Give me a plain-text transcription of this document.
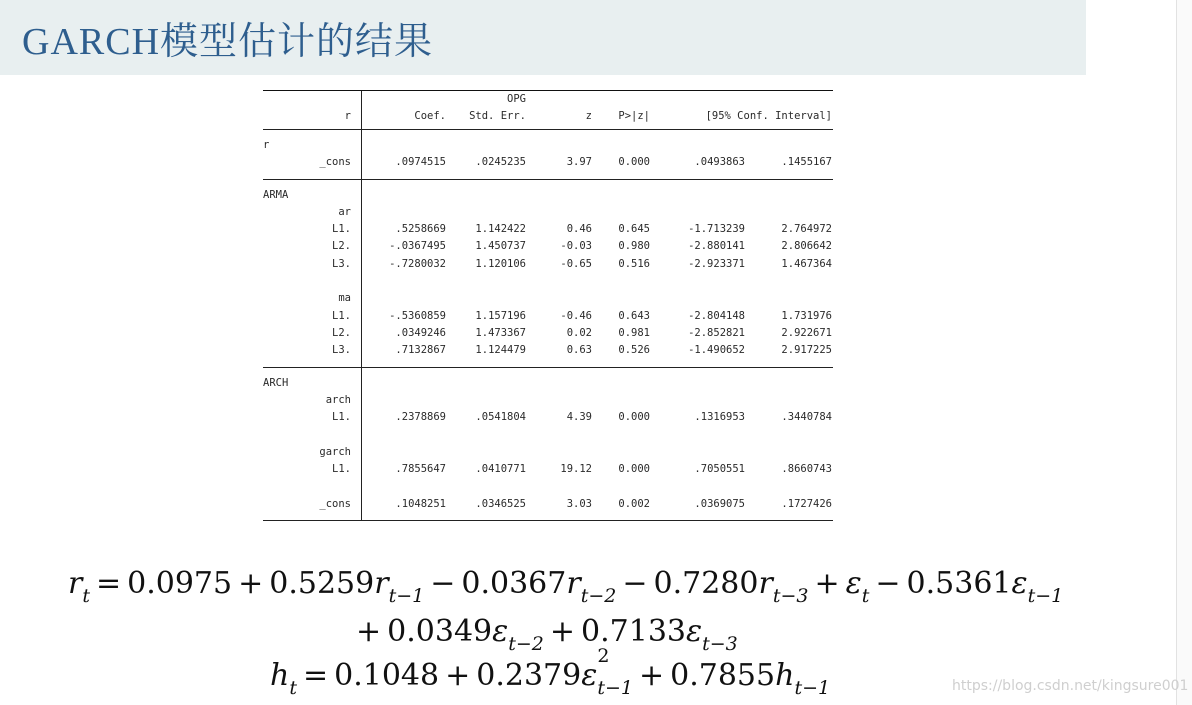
GARCH模型估计的结果
OPG
r	Coef. Std. Err.	z	P>|z|	[95% Conf. Interval]
r
_cons	.0974515	.0245235	3.97	0.000	.0493863	.1455167
ARMA
ar
L1.	.5258669	1.142422	0.46	0.645	-1.713239	2.764972
L2.	-.0367495	1.450737	-0.03	0.980	-2.880141	2.806642
L3.	-.7280032	1.120106	-0.65	0.516	-2.923371	1.467364
ma
L1.	-.5360859	1.157196	-0.46	0.643	-2.804148	1.731976
L2.	.0349246	1.473367	0.02	0.981	-2.852821	2.922671
L3.	.7132867	1.124479	0.63	0.526	-1.490652	2.917225
ARCH
arch
L1.	.2378869	.0541804	4.39	0.000	.1316953	.3440784
garch
L1.	.7855647	.0410771	19.12	0.000	.7050551	.8660743
_cons	.1048251	.0346525	3.03	0.002	.0369075	.1727426
$r_t = 0.0975 + 0.5259r_{t-1} - 0.0367r_{t-2} - 0.7280r_{t-3} + \varepsilon_t - 0.5361\varepsilon_{t-1}$
+ $0.0349\varepsilon_{t-2} + 0.7133\varepsilon_{t-3}$
$h_t = 0.1048 + 0.2379\varepsilon$
2
$_{t-1} + 0.7855h_{t-1}$	https://blog.csdn.net/kingsure001
